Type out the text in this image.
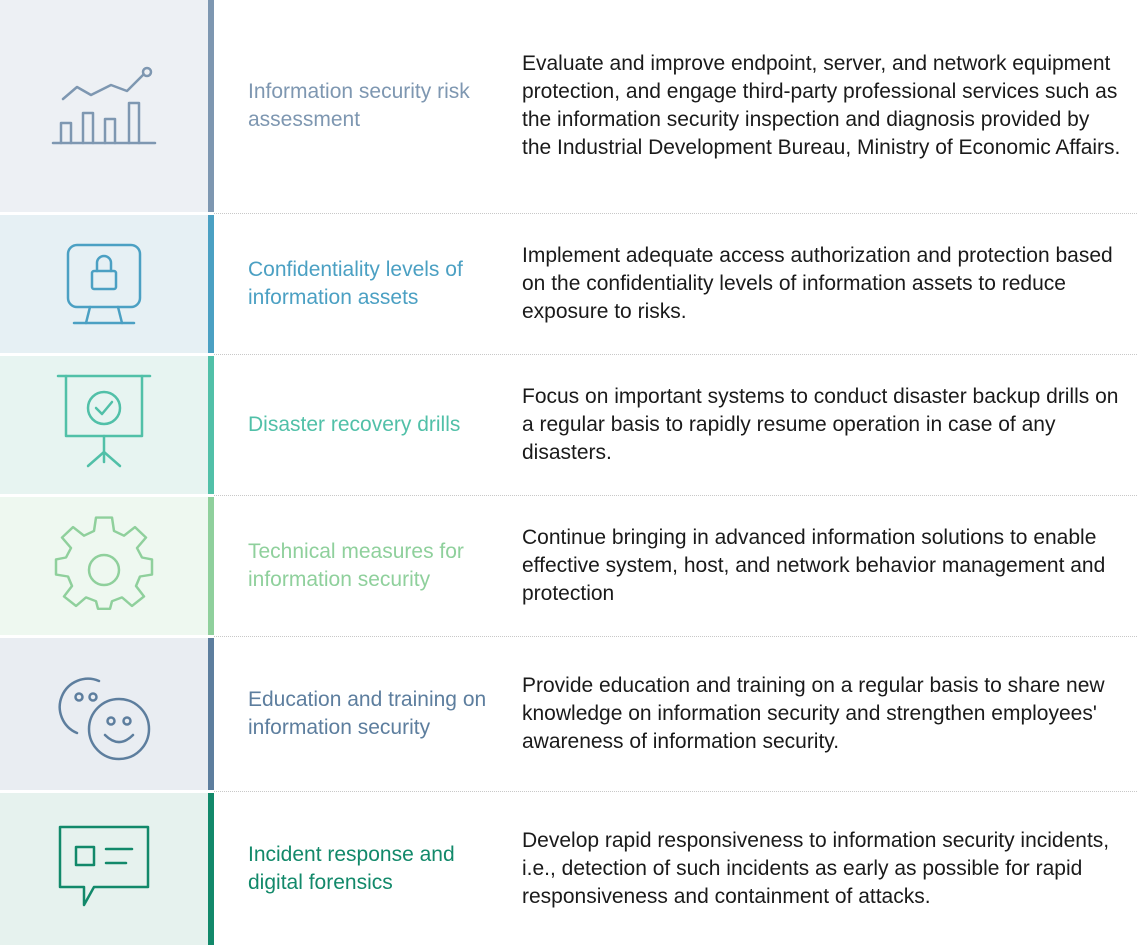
Information security risk assessment
Evaluate and improve endpoint, server, and network equipment protection, and engage third-party professional services such as the information security inspection and diagnosis provided by the Industrial Development Bureau, Ministry of Economic Affairs.
Confidentiality levels of information assets
Implement adequate access authorization and protection based on the confidentiality levels of information assets to reduce exposure to risks.
Disaster recovery drills
Focus on important systems to conduct disaster backup drills on a regular basis to rapidly resume operation in case of any disasters.
Technical measures for information security
Continue bringing in advanced information solutions to enable effective system, host, and network behavior management and protection
Education and training on information security
Provide education and training on a regular basis to share new knowledge on information security and strengthen employees' awareness of information security.
Incident response and digital forensics
Develop rapid responsiveness to information security incidents, i.e., detection of such incidents as early as possible for rapid responsiveness and containment of attacks.
